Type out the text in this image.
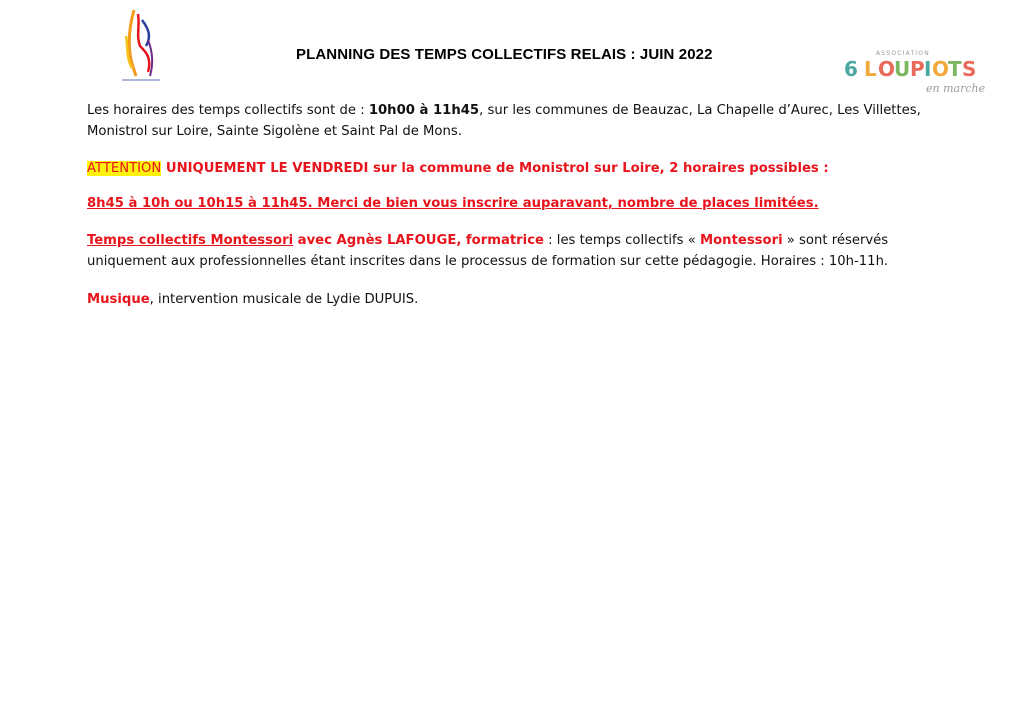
ASSOCIATION
6 L O
U P I O
T S
en marche
PLANNING DES TEMPS COLLECTIFS RELAIS : JUIN 2022
Les horaires des temps collectifs sont de : 10h00 à 11h45, sur les communes de Beauzac, La Chapelle d’Aurec, Les Villettes,
Monistrol sur Loire, Sainte Sigolène et Saint Pal de Mons.
ATTENTION UNIQUEMENT LE VENDREDI sur la commune de Monistrol sur Loire, 2 horaires possibles :
8h45 à 10h ou 10h15 à 11h45. Merci de bien vous inscrire auparavant, nombre de places limitées.
Temps collectifs Montessori avec Agnès LAFOUGE, formatrice : les temps collectifs « Montessori » sont réservés
uniquement aux professionnelles étant inscrites dans le processus de formation sur cette pédagogie. Horaires : 10h-11h.
Musique, intervention musicale de Lydie DUPUIS.
